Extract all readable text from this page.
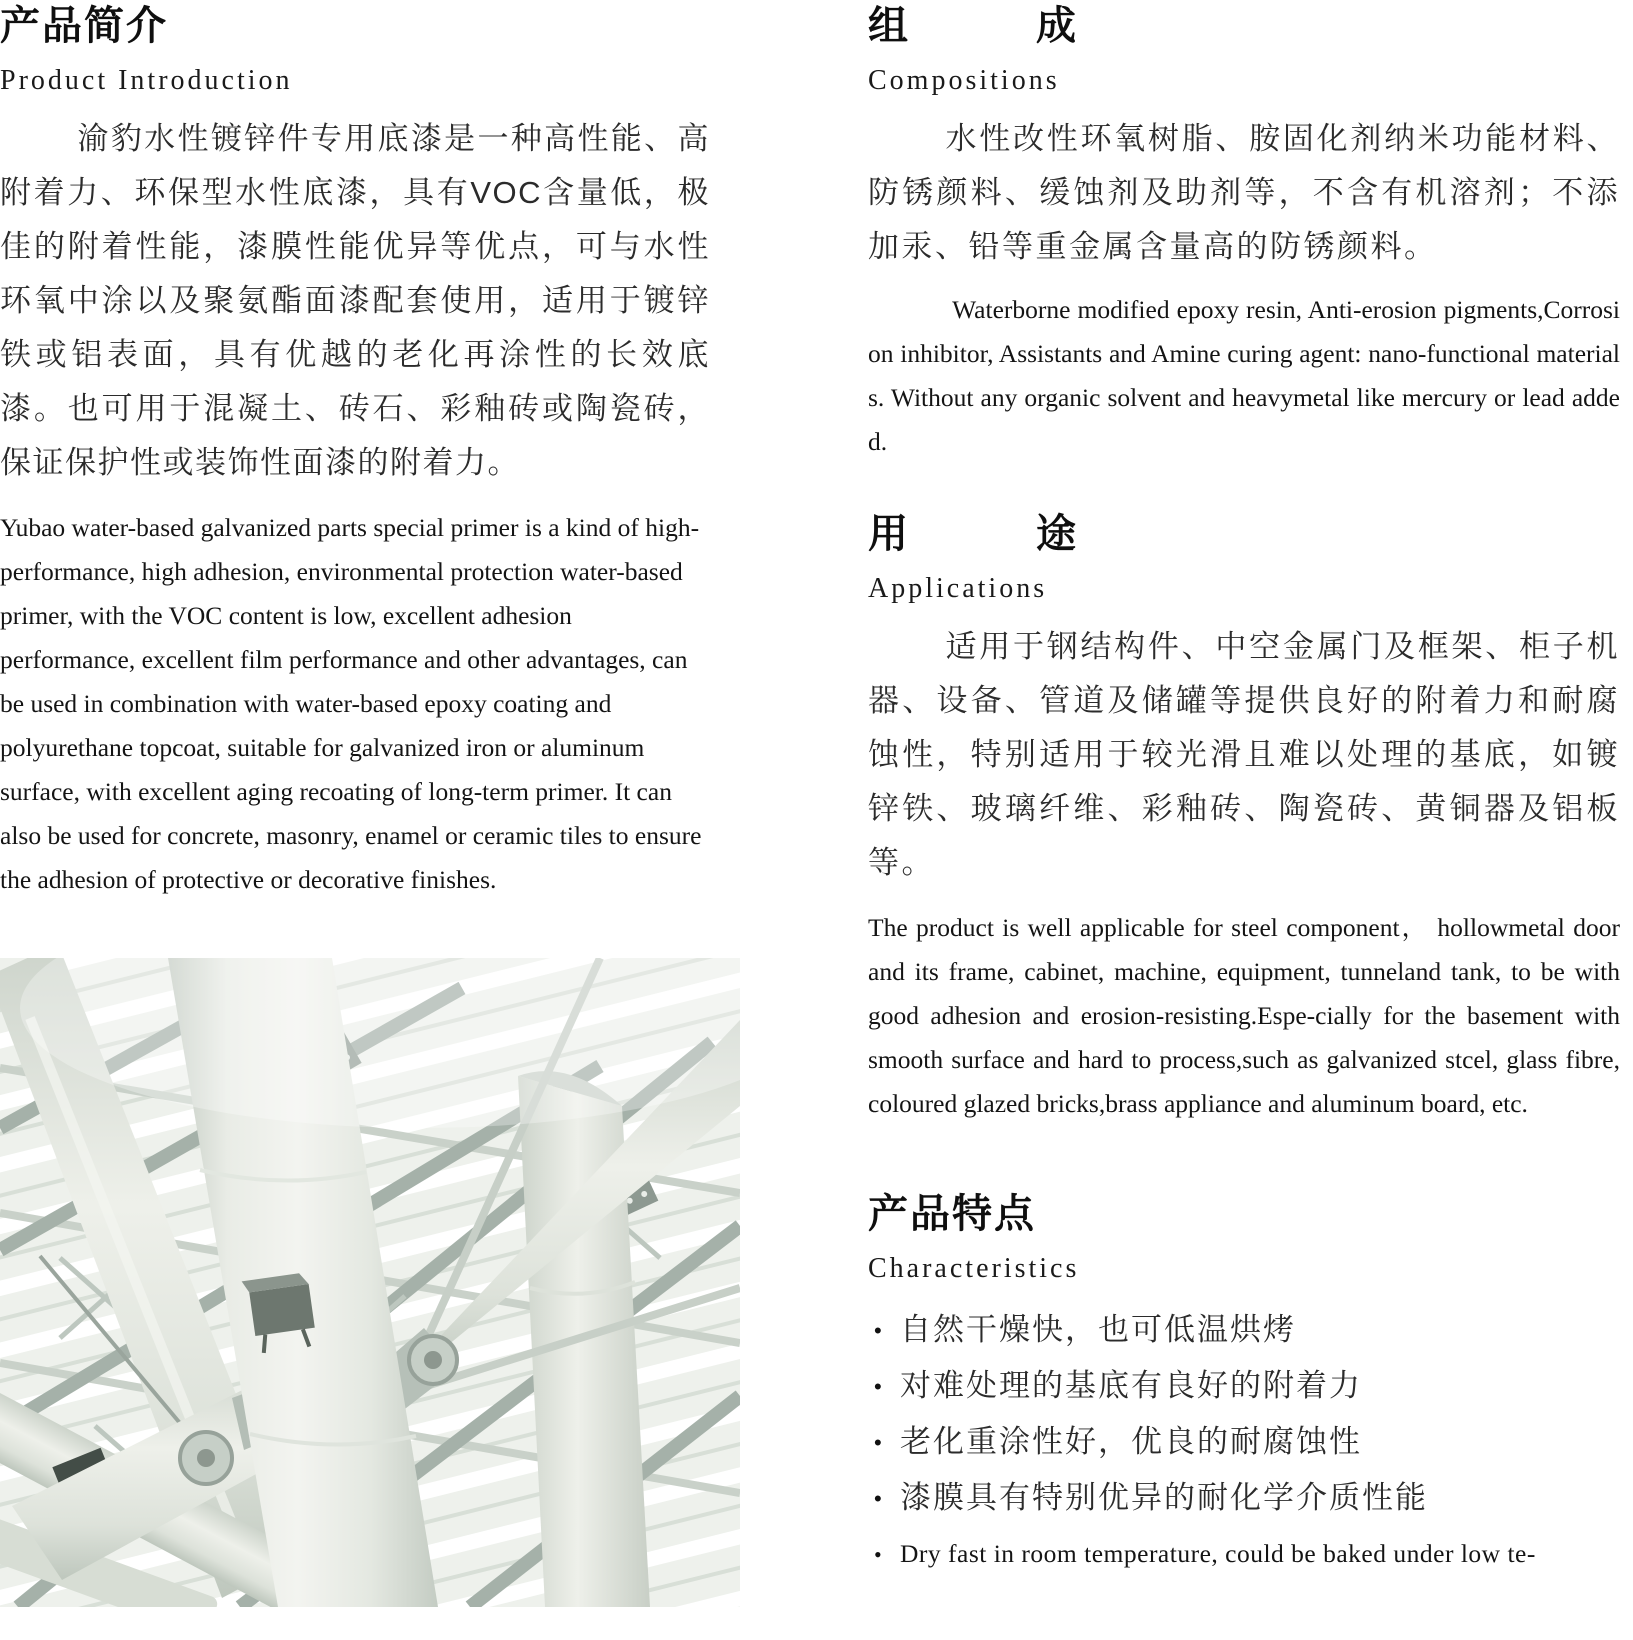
产品简介
Product Introduction

渝豹水性镀锌件专用底漆是一种高性能、高附着力、环保型水性底漆，具有VOC含量低，极佳的附着性能，漆膜性能优异等优点，可与水性环氧中涂以及聚氨酯面漆配套使用，适用于镀锌铁或铝表面，具有优越的老化再涂性的长效底漆。也可用于混凝土、砖石、彩釉砖或陶瓷砖，保证保护性或装饰性面漆的附着力。

Yubao water-based galvanized parts special primer is a kind of high-performance, high adhesion, environmental protection water-based primer, with the VOC content is low, excellent adhesion performance, excellent film performance and other advantages, can be used in combination with water-based epoxy coating and polyurethane topcoat, suitable for galvanized iron or aluminum surface, with excellent aging recoating of long-term primer. It can also be used for concrete, masonry, enamel or ceramic tiles to ensure the adhesion of protective or decorative finishes.

组　　　成
Compositions

水性改性环氧树脂、胺固化剂纳米功能材料、防锈颜料、缓蚀剂及助剂等，不含有机溶剂；不添加汞、铅等重金属含量高的防锈颜料。

Waterborne modified epoxy resin, Anti-erosion pigments,Corrosion inhibitor, Assistants and Amine curing agent: nano-functional materials. Without any organic solvent and heavymetal like mercury or lead added.

用　　　途
Applications

适用于钢结构件、中空金属门及框架、柜子机器、设备、管道及储罐等提供良好的附着力和耐腐蚀性，特别适用于较光滑且难以处理的基底，如镀锌铁、玻璃纤维、彩釉砖、陶瓷砖、黄铜器及铝板等。

The product is well applicable for steel component， hollowmetal door and its frame, cabinet, machine, equipment, tunneland tank, to be with good adhesion and erosion-resisting.Espe-cially for the basement with smooth surface and hard to process,such as galvanized stcel, glass fibre, coloured glazed bricks,brass appliance and aluminum board, etc.

产品特点
Characteristics
• 自然干燥快，也可低温烘烤
• 对难处理的基底有良好的附着力
• 老化重涂性好，优良的耐腐蚀性
• 漆膜具有特别优异的耐化学介质性能
• Dry fast in room temperature, could be baked under low te-
